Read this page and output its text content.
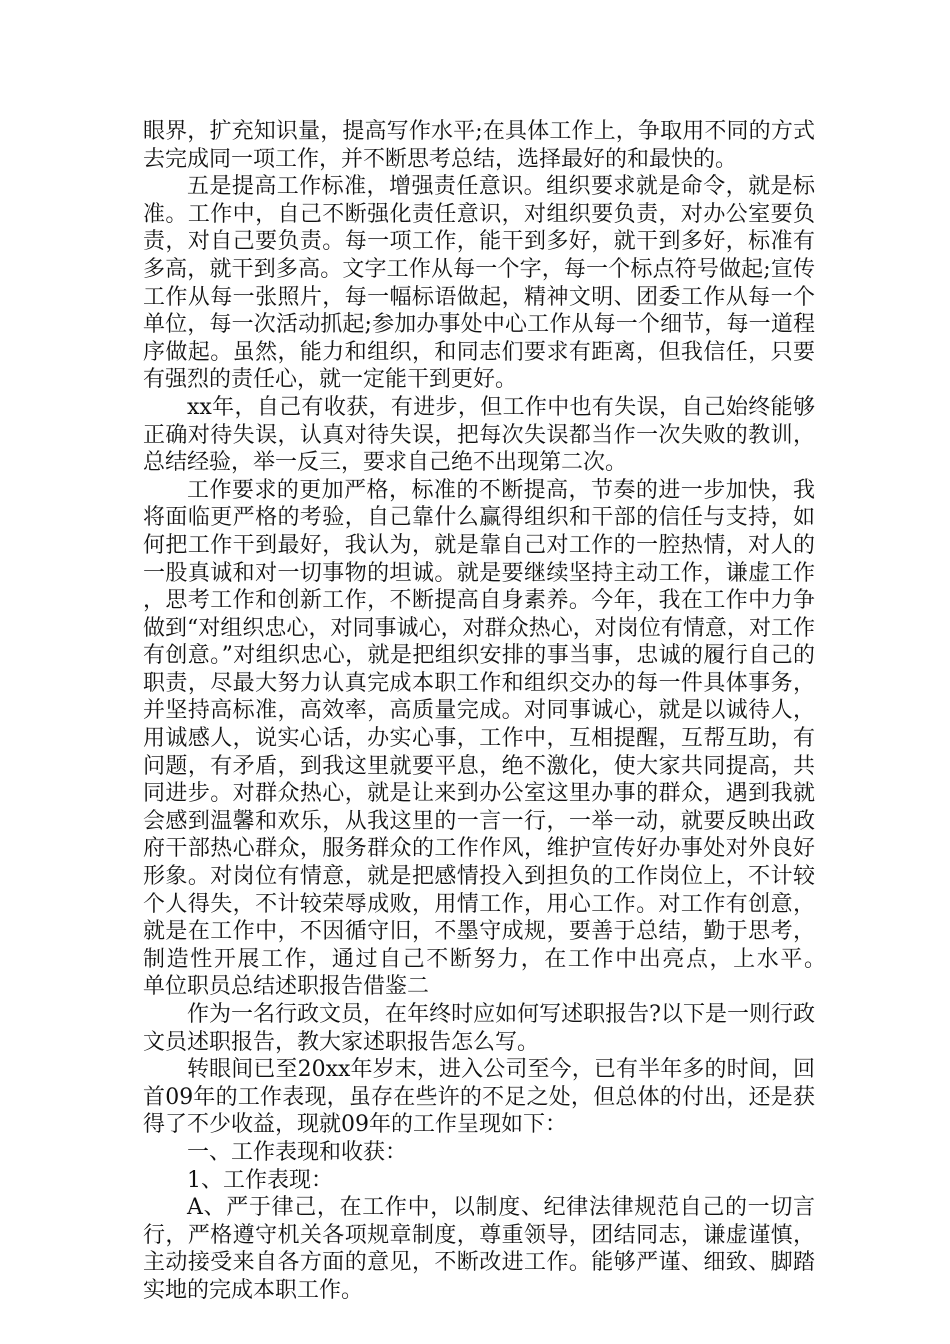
眼界，扩充知识量，提高写作水平;在具体工作上，争取用不同的方式去完成同一项工作，并不断思考总结，选择最好的和最快的。

五是提高工作标准，增强责任意识。组织要求就是命令，就是标准。工作中，自己不断强化责任意识，对组织要负责，对办公室要负责，对自己要负责。每一项工作，能干到多好，就干到多好，标准有多高，就干到多高。文字工作从每一个字，每一个标点符号做起;宣传工作从每一张照片，每一幅标语做起，精神文明、团委工作从每一个单位，每一次活动抓起;参加办事处中心工作从每一个细节，每一道程序做起。虽然，能力和组织，和同志们要求有距离，但我信任，只要有强烈的责任心，就一定能干到更好。

xx年，自己有收获，有进步，但工作中也有失误，自己始终能够正确对待失误，认真对待失误，把每次失误都当作一次失败的教训，总结经验，举一反三，要求自己绝不出现第二次。

工作要求的更加严格，标准的不断提高，节奏的进一步加快，我将面临更严格的考验，自己靠什么赢得组织和干部的信任与支持，如何把工作干到最好，我认为，就是靠自己对工作的一腔热情，对人的一股真诚和对一切事物的坦诚。就是要继续坚持主动工作，谦虚工作，思考工作和创新工作，不断提高自身素养。今年，我在工作中力争做到“对组织忠心，对同事诚心，对群众热心，对岗位有情意，对工作有创意。”对组织忠心，就是把组织安排的事当事，忠诚的履行自己的职责，尽最大努力认真完成本职工作和组织交办的每一件具体事务，并坚持高标准，高效率，高质量完成。对同事诚心，就是以诚待人，用诚感人，说实心话，办实心事，工作中，互相提醒，互帮互助，有问题，有矛盾，到我这里就要平息，绝不激化，使大家共同提高，共同进步。对群众热心，就是让来到办公室这里办事的群众，遇到我就会感到温馨和欢乐，从我这里的一言一行，一举一动，就要反映出政府干部热心群众，服务群众的工作作风，维护宣传好办事处对外良好形象。对岗位有情意，就是把感情投入到担负的工作岗位上，不计较个人得失，不计较荣辱成败，用情工作，用心工作。对工作有创意，就是在工作中，不因循守旧，不墨守成规，要善于总结，勤于思考，制造性开展工作，通过自己不断努力，在工作中出亮点，上水平。　　单位职员总结述职报告借鉴二

作为一名行政文员，在年终时应如何写述职报告?以下是一则行政文员述职报告，教大家述职报告怎么写。

转眼间已至20xx年岁末，进入公司至今，已有半年多的时间，回首09年的工作表现，虽存在些许的不足之处，但总体的付出，还是获得了不少收益，现就09年的工作呈现如下：

一、工作表现和收获：

1、工作表现：

A、严于律己，在工作中，以制度、纪律法律规范自己的一切言行，严格遵守机关各项规章制度，尊重领导，团结同志，谦虚谨慎，主动接受来自各方面的意见，不断改进工作。能够严谨、细致、脚踏实地的完成本职工作。
